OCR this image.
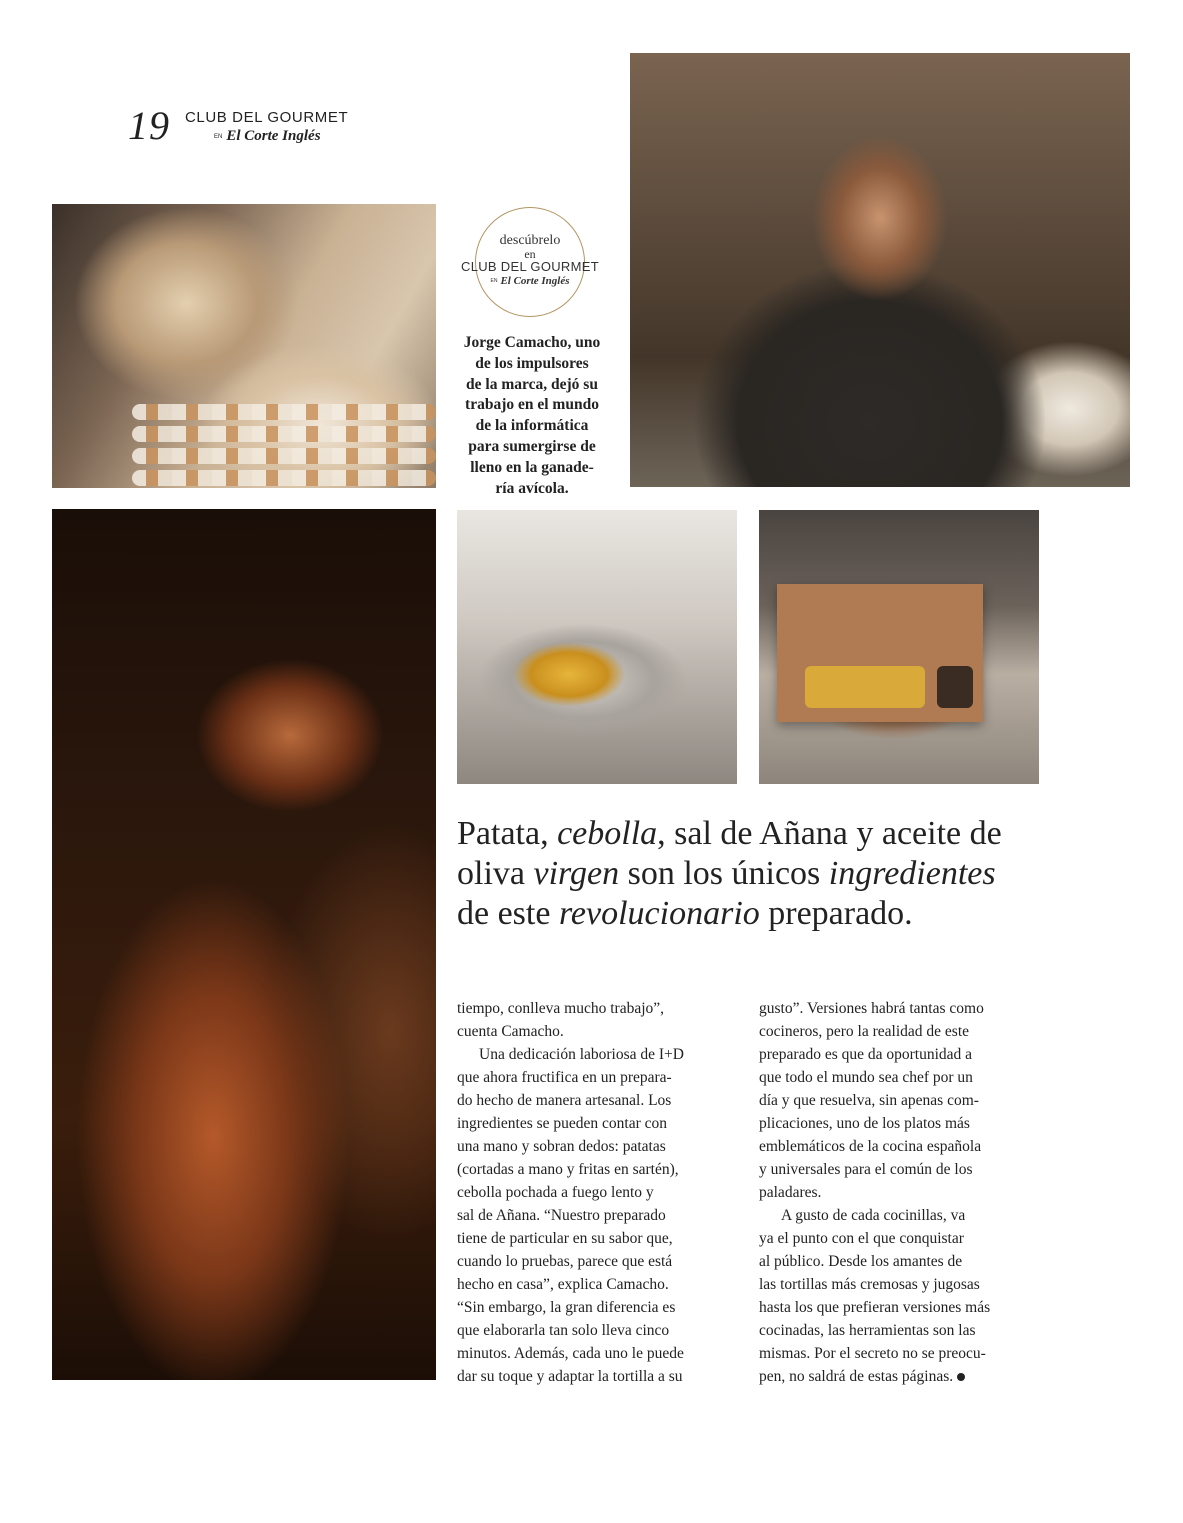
19 CLUB DEL GOURMET
EN El Corte Inglés
descúbrelo
en
CLUB DEL GOURMET
EN El Corte Inglés
Jorge Camacho, uno
de los impulsores
de la marca, dejó su
trabajo en el mundo
de la informática
para sumergirse de
lleno en la ganade-
ría avícola.
Patata, cebolla, sal de Añana y aceite de
oliva virgen son los únicos ingredientes
de este revolucionario preparado.
tiempo, conlleva mucho trabajo”,
cuenta Camacho.
Una dedicación laboriosa de I+D
que ahora fructifica en un prepara-
do hecho de manera artesanal. Los
ingredientes se pueden contar con
una mano y sobran dedos: patatas
(cortadas a mano y fritas en sartén),
cebolla pochada a fuego lento y
sal de Añana. “Nuestro preparado
tiene de particular en su sabor que,
cuando lo pruebas, parece que está
hecho en casa”, explica Camacho.
“Sin embargo, la gran diferencia es
que elaborarla tan solo lleva cinco
minutos. Además, cada uno le puede
dar su toque y adaptar la tortilla a su
gusto”. Versiones habrá tantas como
cocineros, pero la realidad de este
preparado es que da oportunidad a
que todo el mundo sea chef por un
día y que resuelva, sin apenas com-
plicaciones, uno de los platos más
emblemáticos de la cocina española
y universales para el común de los
paladares.
A gusto de cada cocinillas, va
ya el punto con el que conquistar
al público. Desde los amantes de
las tortillas más cremosas y jugosas
hasta los que prefieran versiones más
cocinadas, las herramientas son las
mismas. Por el secreto no se preocu-
pen, no saldrá de estas páginas.
